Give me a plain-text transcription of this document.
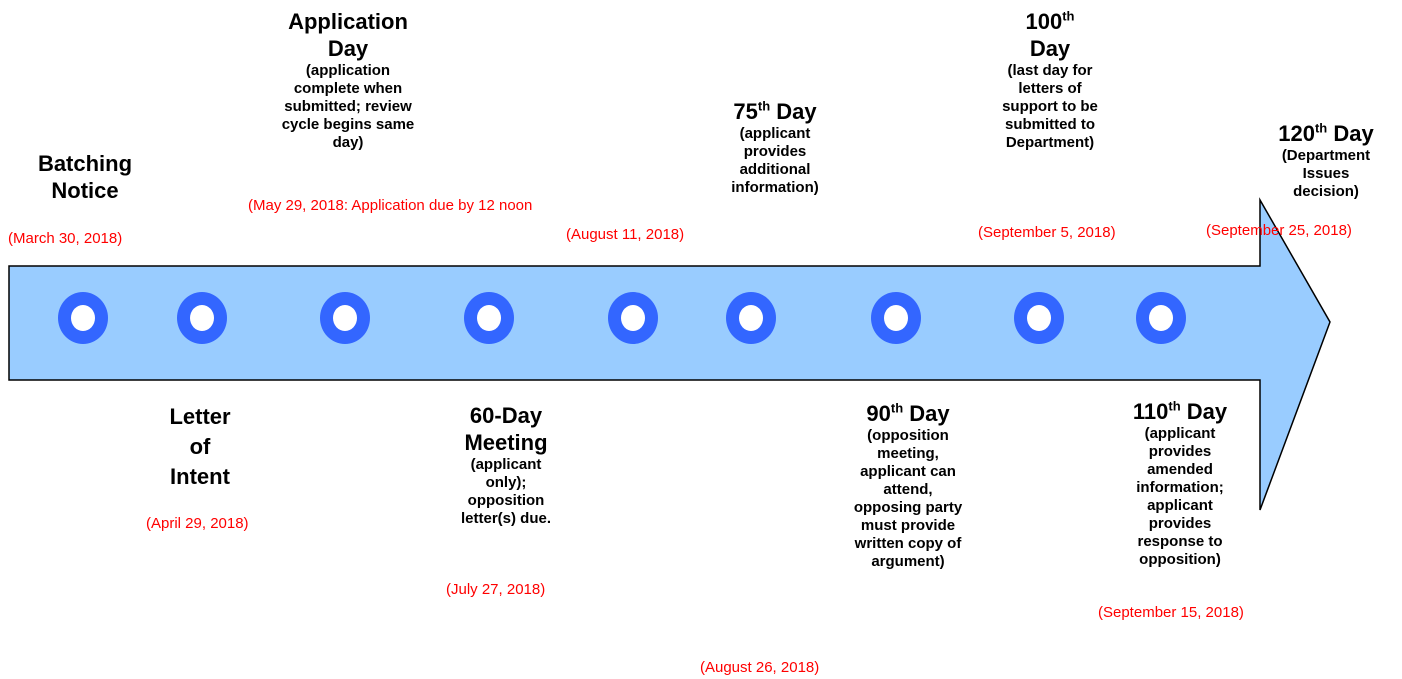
Batching Notice
(March 30, 2018)
Letter of Intent
(April 29, 2018)
Application Day
(application complete when submitted; review cycle begins same day)
(May 29, 2018: Application due by 12 noon
60-Day Meeting
(applicant only); opposition letter(s) due.
(July 27, 2018)
75th Day
(applicant provides additional information)
(August 11, 2018)
90th Day
(opposition meeting, applicant can attend, opposing party must provide written copy of argument)
(August 26, 2018)
100th
Day
(last day for letters of support to be submitted to Department)
(September 5, 2018)
110th Day
(applicant provides amended information; applicant provides response to opposition)
(September 15, 2018)
120th Day
(Department Issues decision)
(September 25, 2018)
